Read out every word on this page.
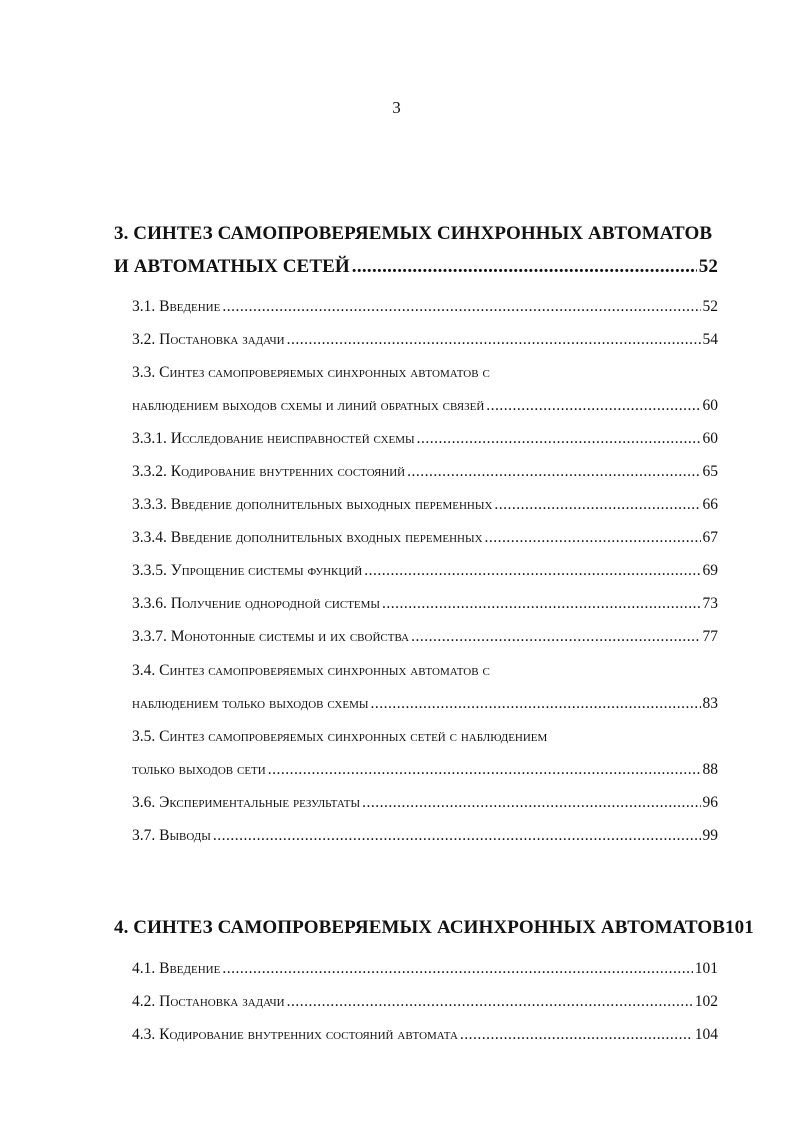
3
3. СИНТЕЗ САМОПРОВЕРЯЕМЫХ СИНХРОННЫХ АВТОМАТОВ
И АВТОМАТНЫХ СЕТЕЙ .....	52
3.1. Введение .....	52
3.2. Постановка задачи .....	54
3.3. Синтез самопроверяемых синхронных автоматов с
наблюдением выходов схемы и линий обратных связей .....	60
3.3.1. Исследование неисправностей схемы .....	60
3.3.2. Кодирование внутренних состояний .....	65
3.3.3. Введение дополнительных выходных переменных .....	66
3.3.4. Введение дополнительных входных переменных .....	67
3.3.5. Упрощение системы функций .....	69
3.3.6. Получение однородной системы .....	73
3.3.7. Монотонные системы и их свойства .....	77
3.4. Синтез самопроверяемых синхронных автоматов с
наблюдением только выходов схемы .....	83
3.5. Синтез самопроверяемых синхронных сетей с наблюдением
только выходов сети .....	88
3.6. Экспериментальные результаты .....	96
3.7. Выводы .....	99
4. СИНТЕЗ САМОПРОВЕРЯЕМЫХ АСИНХРОННЫХ АВТОМАТОВ101
4.1. Введение .....	101
4.2. Постановка задачи .....	102
4.3. Кодирование внутренних состояний автомата .....	104
